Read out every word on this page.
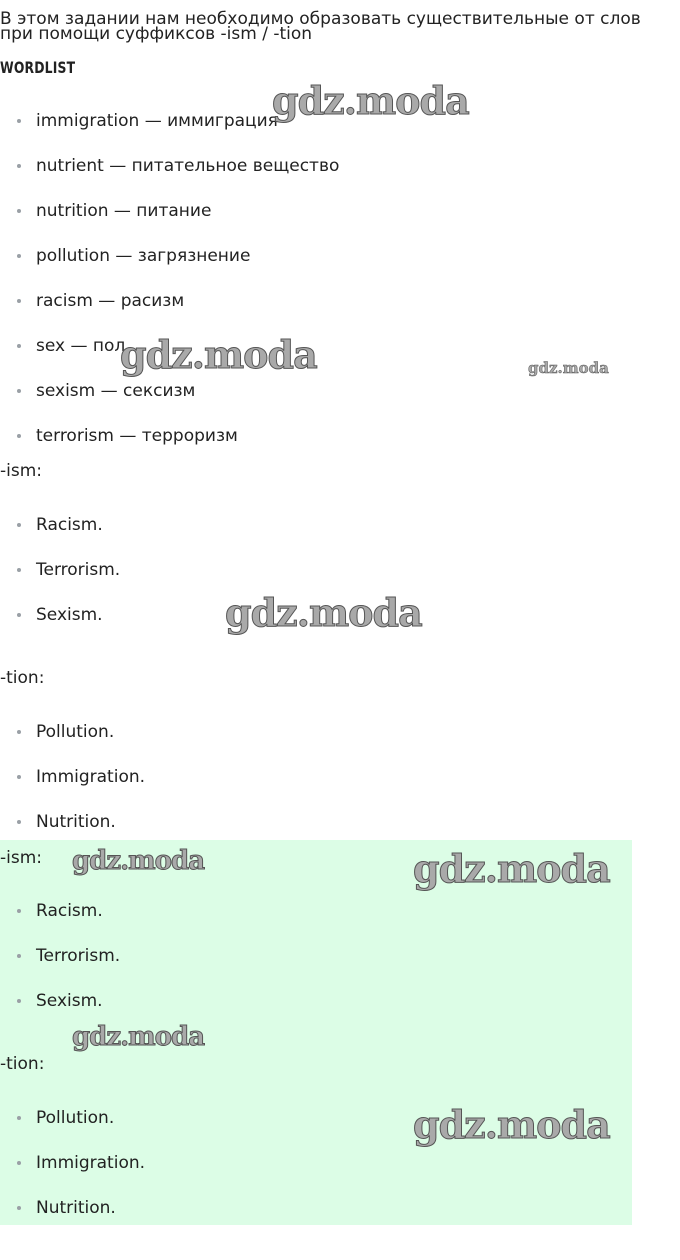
В этом задании нам необходимо образовать существительные от слов
при помощи суффиксов -ism / -tion
WORDLIST
immigration — иммиграция
nutrient — питательное вещество
nutrition — питание
pollution — загрязнение
racism — расизм
sex — пол
sexism — сексизм
terrorism — терроризм
-ism:
Racism.
Terrorism.
Sexism.
-tion:
Pollution.
Immigration.
Nutrition.
-ism:
Racism.
Terrorism.
Sexism.
-tion:
Pollution.
Immigration.
Nutrition.
gdz.moda
gdz.moda	gdz.moda
gdz.moda
gdz.moda	gdz.moda
gdz.moda
gdz.moda
